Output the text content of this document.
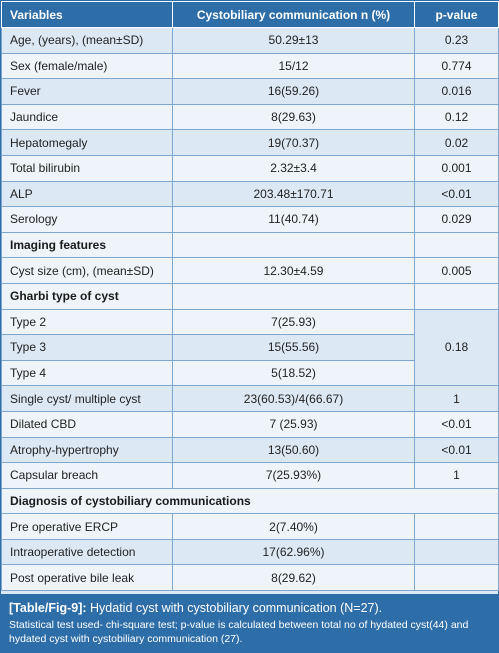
Variables	Cystobiliary communication n (%)	p-value
Age, (years), (mean±SD)	50.29±13	0.23
Sex (female/male)	15/12	0.774
Fever	16(59.26)	0.016
Jaundice	8(29.63)	0.12
Hepatomegaly	19(70.37)	0.02
Total bilirubin	2.32±3.4	0.001
ALP	203.48±170.71	<0.01
Serology	11(40.74)	0.029
Imaging features		
Cyst size (cm), (mean±SD)	12.30±4.59	0.005
Gharbi type of cyst		
Type 2	7(25.93)	0.18
Type 3	15(55.56)	
Type 4	5(18.52)	
Single cyst/ multiple cyst	23(60.53)/4(66.67)	1
Dilated CBD	7 (25.93)	<0.01
Atrophy-hypertrophy	13(50.60)	<0.01
Capsular breach	7(25.93%)	1
Diagnosis of cystobiliary communications		
Pre operative ERCP	2(7.40%)	
Intraoperative detection	17(62.96%)	
Post operative bile leak	8(29.62)	
[Table/Fig-9]: Hydatid cyst with cystobiliary communication (N=27).
Statistical test used- chi-square test; p-value is calculated between total no of hydated cyst(44) and hydated cyst with cystobiliary communication (27).
